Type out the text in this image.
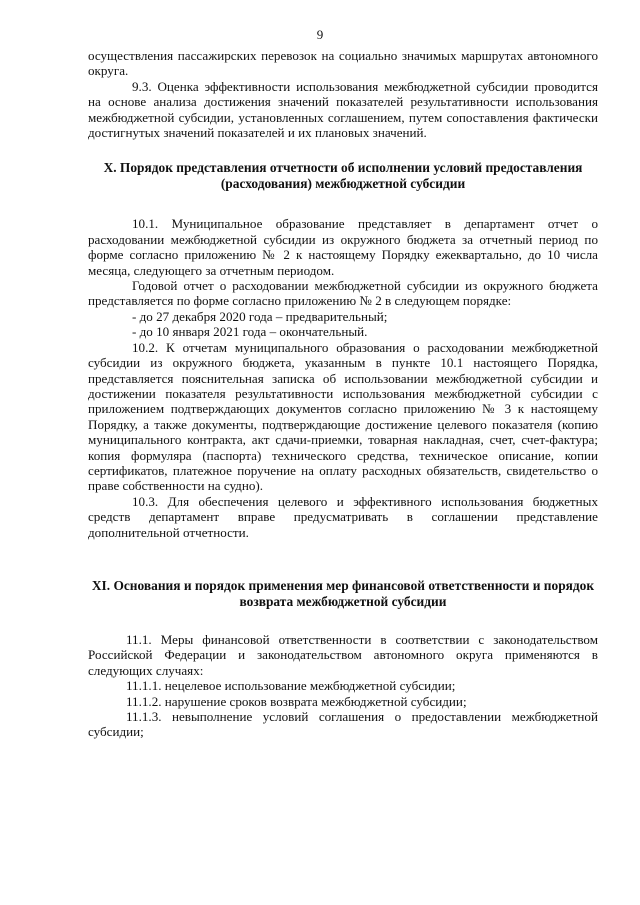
9

осуществления пассажирских перевозок на социально значимых маршрутах автономного округа.

9.3. Оценка эффективности использования межбюджетной субсидии проводится на основе анализа достижения значений показателей результативности использования межбюджетной субсидии, установленных соглашением, путем сопоставления фактически достигнутых значений показателей и их плановых значений.

X. Порядок представления отчетности об исполнении условий предоставления (расходования) межбюджетной субсидии

10.1. Муниципальное образование представляет в департамент отчет о расходовании межбюджетной субсидии из окружного бюджета за отчетный период по форме согласно приложению № 2 к настоящему Порядку ежеквартально, до 10 числа месяца, следующего за отчетным периодом.

Годовой отчет о расходовании межбюджетной субсидии из окружного бюджета представляется по форме согласно приложению № 2 в следующем порядке:

- до 27 декабря 2020 года – предварительный;

- до 10 января 2021 года – окончательный.

10.2. К отчетам муниципального образования о расходовании межбюджетной субсидии из окружного бюджета, указанным в пункте 10.1 настоящего Порядка, представляется пояснительная записка об использовании межбюджетной субсидии и достижении показателя результативности использования межбюджетной субсидии с приложением подтверждающих документов согласно приложению № 3 к настоящему Порядку, а также документы, подтверждающие достижение целевого показателя (копию муниципального контракта, акт сдачи-приемки, товарная накладная, счет, счет-фактура; копия формуляра (паспорта) технического средства, техническое описание, копии сертификатов, платежное поручение на оплату расходных обязательств, свидетельство о праве собственности на судно).

10.3. Для обеспечения целевого и эффективного использования бюджетных средств департамент вправе предусматривать в соглашении представление дополнительной отчетности.

XI. Основания и порядок применения мер финансовой ответственности и порядок возврата межбюджетной субсидии

11.1. Меры финансовой ответственности в соответствии с законодательством Российской Федерации и законодательством автономного округа применяются в следующих случаях:

11.1.1. нецелевое использование межбюджетной субсидии;

11.1.2. нарушение сроков возврата межбюджетной субсидии;

11.1.3. невыполнение условий соглашения о предоставлении межбюджетной субсидии;
